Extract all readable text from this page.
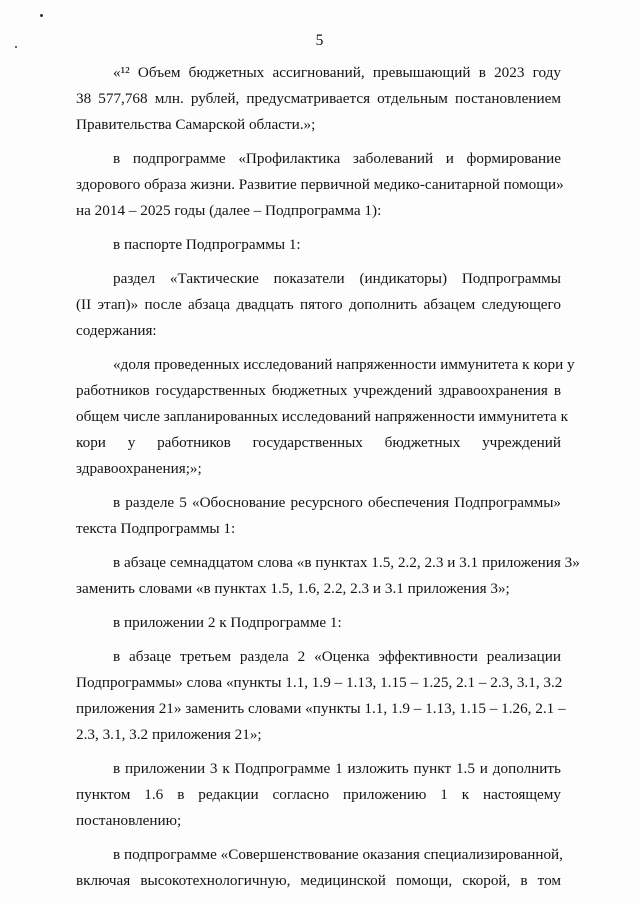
5

«¹² Объем бюджетных ассигнований, превышающий в 2023 году
38 577,768 млн. рублей, предусматривается отдельным постановлением
Правительства Самарской области.»;

в подпрограмме «Профилактика заболеваний и формирование
здорового образа жизни. Развитие первичной медико-санитарной помощи»
на 2014 – 2025 годы (далее – Подпрограмма 1):

в паспорте Подпрограммы 1:

раздел «Тактические показатели (индикаторы) Подпрограммы
(II этап)» после абзаца двадцать пятого дополнить абзацем следующего
содержания:

«доля проведенных исследований напряженности иммунитета к кори у
работников государственных бюджетных учреждений здравоохранения в
общем числе запланированных исследований напряженности иммунитета к
кори у работников государственных бюджетных учреждений
здравоохранения;»;

в разделе 5 «Обоснование ресурсного обеспечения Подпрограммы»
текста Подпрограммы 1:

в абзаце семнадцатом слова «в пунктах 1.5, 2.2, 2.3 и 3.1 приложения 3»
заменить словами «в пунктах 1.5, 1.6, 2.2, 2.3 и 3.1 приложения 3»;

в приложении 2 к Подпрограмме 1:

в абзаце третьем раздела 2 «Оценка эффективности реализации
Подпрограммы» слова «пункты 1.1, 1.9 – 1.13, 1.15 – 1.25, 2.1 – 2.3, 3.1, 3.2
приложения 21» заменить словами «пункты 1.1, 1.9 – 1.13, 1.15 – 1.26, 2.1 –
2.3, 3.1, 3.2 приложения 21»;

в приложении 3 к Подпрограмме 1 изложить пункт 1.5 и дополнить
пунктом 1.6 в редакции согласно приложению 1 к настоящему
постановлению;

в подпрограмме «Совершенствование оказания специализированной,
включая высокотехнологичную, медицинской помощи, скорой, в том
